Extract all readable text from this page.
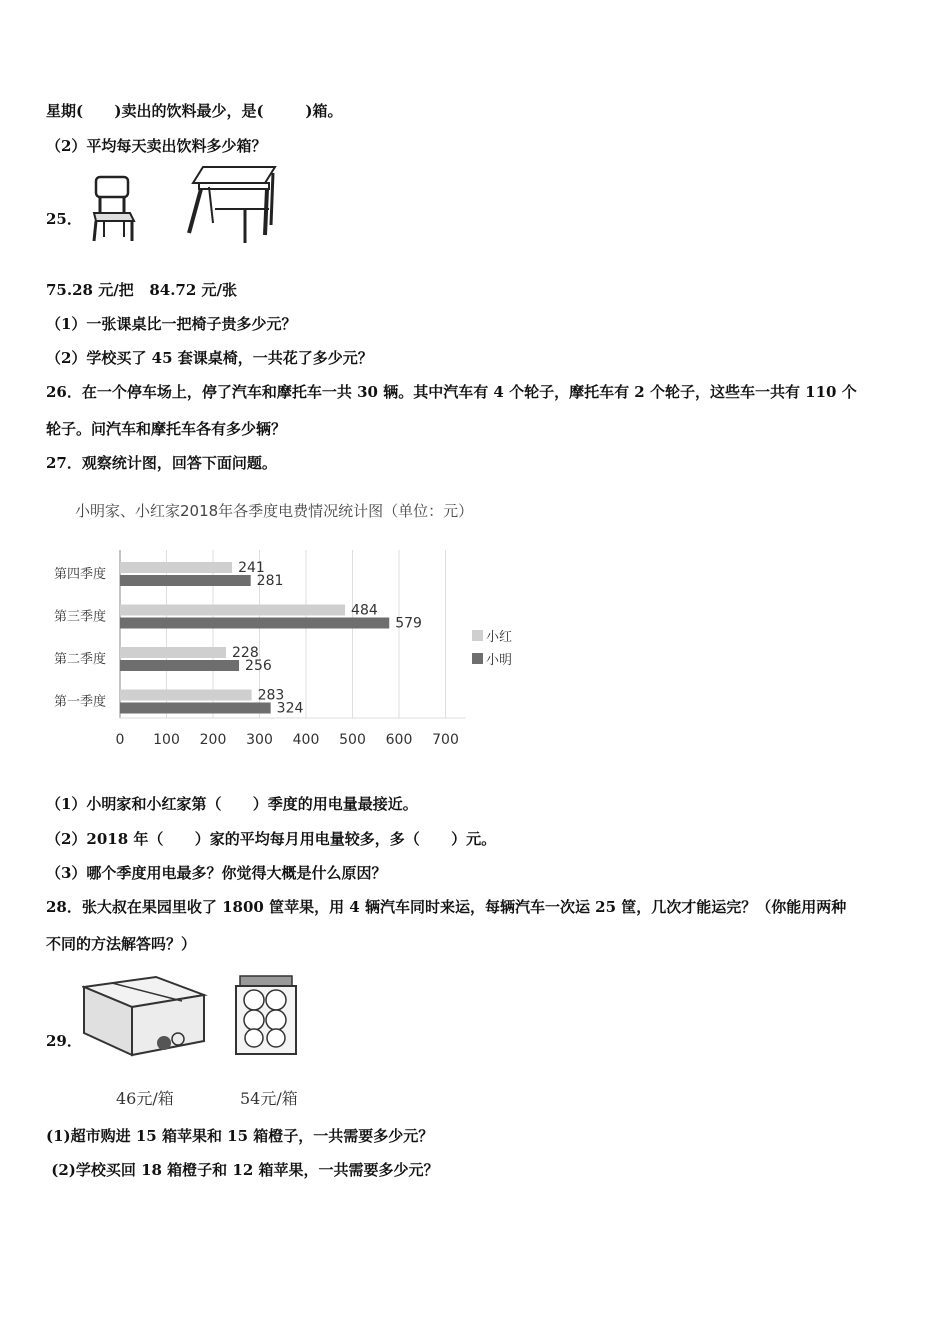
星期(      )卖出的饮料最少，是(        )箱。
（2）平均每天卖出饮料多少箱？
25．
75.28 元/把   84.72 元/张
（1）一张课桌比一把椅子贵多少元？
（2）学校买了 45 套课桌椅，一共花了多少元？
26．在一个停车场上，停了汽车和摩托车一共 30 辆。其中汽车有 4 个轮子，摩托车有 2 个轮子，这些车一共有 110 个
轮子。问汽车和摩托车各有多少辆？
27．观察统计图，回答下面问题。
小明家、小红家2018年各季度电费情况统计图（单位：元）
0 100 200 300 400 500 600 700
第四季度	241
281
第三季度	484
579
第二季度	228
256
第一季度	283
324
小红
小明
（1）小明家和小红家第（      ）季度的用电量最接近。
（2）2018 年（      ）家的平均每月用电量较多，多（      ）元。
（3）哪个季度用电最多？你觉得大概是什么原因？
28．张大叔在果园里收了 1800 筐苹果，用 4 辆汽车同时来运，每辆汽车一次运 25 筐，几次才能运完？（你能用两种
不同的方法解答吗？）
29．
46元/箱	54元/箱
(1)超市购进 15 箱苹果和 15 箱橙子，一共需要多少元？
(2)学校买回 18 箱橙子和 12 箱苹果，一共需要多少元？
